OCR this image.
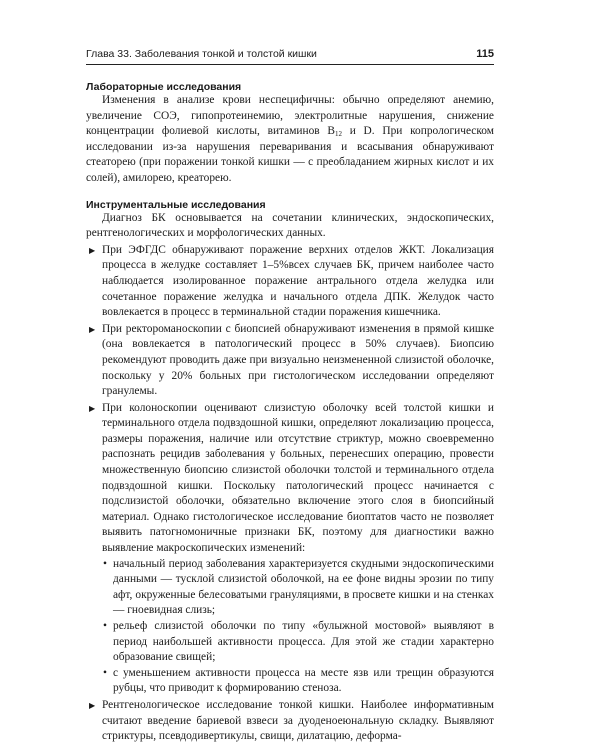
Глава 33. Заболевания тонкой и толстой кишки	115
Лабораторные исследования

Изменения в анализе крови неспецифичны: обычно определяют анемию, увеличение СОЭ, гипопротеинемию, электролитные нарушения, снижение концентрации фолиевой кислоты, витаминов $B_{12}$ и D. При копрологическом исследовании из-за нарушения переваривания и всасывания обнаруживают стеаторею (при поражении тонкой кишки — с преобладанием жирных кислот и их солей), амилорею, креаторею.

Инструментальные исследования

Диагноз БК основывается на сочетании клинических, эндоскопических, рентгенологических и морфологических данных.

▶ При ЭФГДС обнаруживают поражение верхних отделов ЖКТ. Локализация процесса в желудке составляет 1–5%всех случаев БК, причем наиболее часто наблюдается изолированное поражение антрального отдела желудка или сочетанное поражение желудка и начального отдела ДПК. Желудок часто вовлекается в процесс в терминальной стадии поражения кишечника.
▶ При ректороманоскопии с биопсией обнаруживают изменения в прямой кишке (она вовлекается в патологический процесс в 50% случаев). Биопсию рекомендуют проводить даже при визуально неизмененной слизистой оболочке, поскольку у 20% больных при гистологическом исследовании определяют гранулемы.
▶ При колоноскопии оценивают слизистую оболочку всей толстой кишки и терминального отдела подвздошной кишки, определяют локализацию процесса, размеры поражения, наличие или отсутствие стриктур, можно своевременно распознать рецидив заболевания у больных, перенесших операцию, провести множественную биопсию слизистой оболочки толстой и терминального отдела подвздошной кишки. Поскольку патологический процесс начинается с подслизистой оболочки, обязательно включение этого слоя в биопсийный материал. Однако гистологическое исследование биоптатов часто не позволяет выявить патогномоничные признаки БК, поэтому для диагностики важно выявление макроскопических изменений:
• начальный период заболевания характеризуется скудными эндоскопическими данными — тусклой слизистой оболочкой, на ее фоне видны эрозии по типу афт, окруженные белесоватыми грануляциями, в просвете кишки и на стенках — гноевидная слизь;
• рельеф слизистой оболочки по типу «булыжной мостовой» выявляют в период наибольшей активности процесса. Для этой же стадии характерно образование свищей;
• с уменьшением активности процесса на месте язв или трещин образуются рубцы, что приводит к формированию стеноза.
▶ Рентгенологическое исследование тонкой кишки. Наиболее информативным считают введение бариевой взвеси за дуоденоеюнальную складку. Выявляют стриктуры, псевдодивертикулы, свищи, дилатацию, деформа-
